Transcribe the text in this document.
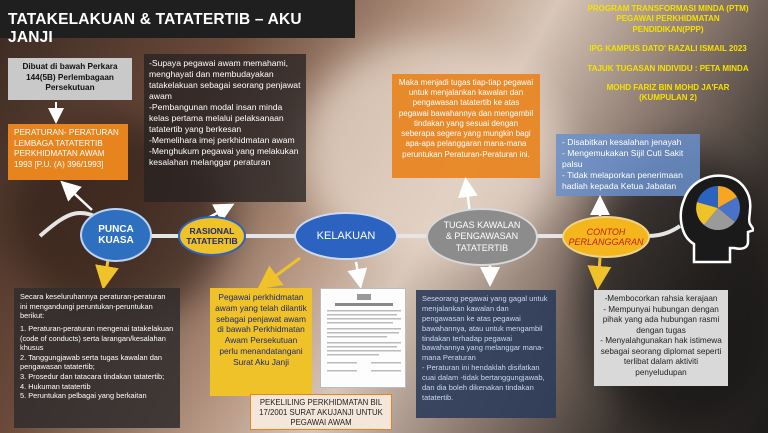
TATAKELAKUAN & TATATERTIB – AKU JANJI
PROGRAM TRANSFORMASI MINDA (PTM)
PEGAWAI PERKHIDMATAN
PENDIDIKAN(PPP)
IPG KAMPUS DATO' RAZALI ISMAIL 2023
TAJUK TUGASAN INDIVIDU : PETA MINDA
MOHD FARIZ BIN MOHD JA'FAR
(KUMPULAN 2)
Dibuat di bawah Perkara 144(5B) Perlembagaan Persekutuan
PERATURAN- PERATURAN LEMBAGA TATATERTIB PERKHIDMATAN AWAM 1993 [P.U. (A) 396/1993]
-Supaya pegawai awam memahami, menghayati dan membudayakan tatakelakuan sebagai seorang penjawat awam
-Pembangunan modal insan minda kelas pertama melalui pelaksanaan tatatertib yang berkesan
-Memelihara imej perkhidmatan awam
-Menghukum pegawai yang melakukan kesalahan melanggar peraturan
Maka menjadi tugas tiap-tiap pegawai untuk menjalankan kawalan dan pengawasan tatatertib ke atas pegawai bawahannya dan mengambil tindakan yang sesuai dengan seberapa segera yang mungkin bagi apa-apa pelanggaran mana-mana peruntukan Peraturan-Peraturan ini.
- Disabitkan kesalahan jenayah
- Mengemukakan Sijil Cuti Sakit palsu
- Tidak melaporkan penerimaan hadiah kepada Ketua Jabatan
PUNCA KUASA
RASIONAL TATATERTIB	KELAKUAN
TUGAS KAWALAN & PENGAWASAN TATATERTIB
CONTOH PERLANGGARAN
Secara keseluruhannya peraturan-peraturan ini mengandungi peruntukan-peruntukan berikut:
1. Peraturan-peraturan mengenai tatakelakuan (code of conducts) serta larangan/kesalahan khusus
2. Tanggungjawab serta tugas kawalan dan pengawasan tatatertib;
3. Prosedur dan tatacara tindakan tatatertib;
4. Hukuman tatatertib
5. Peruntukan pelbagai yang berkaitan
Pegawai perkhidmatan awam yang telah dilantik sebagai penjawat awam di bawah Perkhidmatan Awam Persekutuan perlu menandatangani Surat Aku Janji
PEKELILING PERKHIDMATAN BIL 17/2001 SURAT AKUJANJI UNTUK PEGAWAI AWAM
Seseorang pegawai yang gagal untuk menjalankan kawalan dan pengawasan ke atas pegawai bawahannya, atau untuk mengambil tindakan terhadap pegawai bawahannya yang melanggar mana-mana Peraturan
- Peraturan ini hendaklah disifatkan cuai dalam -tidak bertanggungjawab, dan dia boleh dikenakan tindakan tatatertib.
-Membocorkan rahsia kerajaan
- Mempunyai hubungan dengan pihak yang ada hubungan rasmi dengan tugas
- Menyalahgunakan hak istimewa sebagai seorang diplomat seperti terlibat dalam aktiviti penyeludupan
